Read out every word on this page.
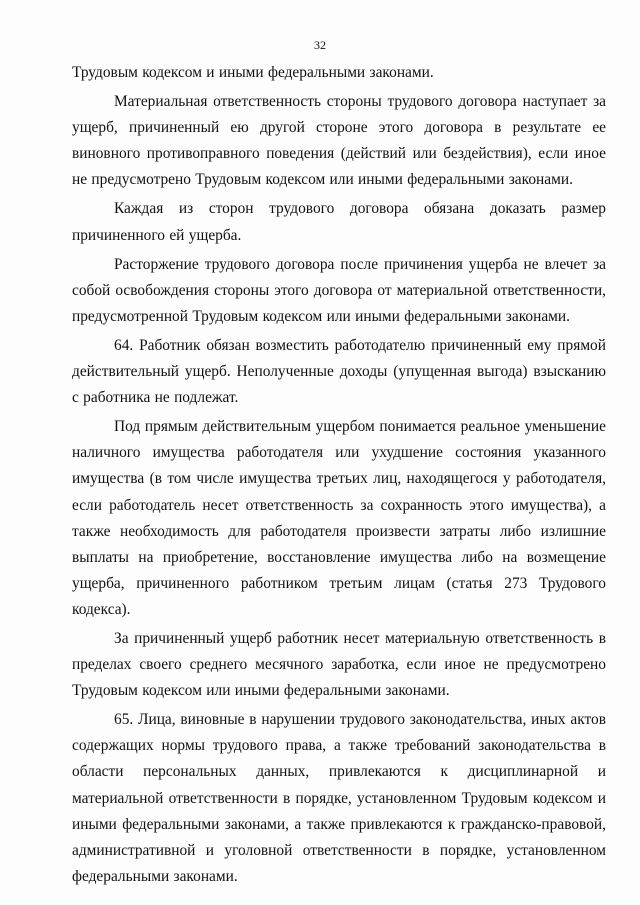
32

Трудовым кодексом и иными федеральными законами.

Материальная ответственность стороны трудового договора наступает за ущерб, причиненный ею другой стороне этого договора в результате ее виновного противоправного поведения (действий или бездействия), если иное не предусмотрено Трудовым кодексом или иными федеральными законами.

Каждая из сторон трудового договора обязана доказать размер причиненного ей ущерба.

Расторжение трудового договора после причинения ущерба не влечет за собой освобождения стороны этого договора от материальной ответственности, предусмотренной Трудовым кодексом или иными федеральными законами.

64. Работник обязан возместить работодателю причиненный ему прямой действительный ущерб. Неполученные доходы (упущенная выгода) взысканию с работника не подлежат.

Под прямым действительным ущербом понимается реальное уменьшение наличного имущества работодателя или ухудшение состояния указанного имущества (в том числе имущества третьих лиц, находящегося у работодателя, если работодатель несет ответственность за сохранность этого имущества), а также необходимость для работодателя произвести затраты либо излишние выплаты на приобретение, восстановление имущества либо на возмещение ущерба, причиненного работником третьим лицам (статья 273 Трудового кодекса).

За причиненный ущерб работник несет материальную ответственность в пределах своего среднего месячного заработка, если иное не предусмотрено Трудовым кодексом или иными федеральными законами.

65. Лица, виновные в нарушении трудового законодательства, иных актов содержащих нормы трудового права, а также требований законодательства в области персональных данных, привлекаются к дисциплинарной и материальной ответственности в порядке, установленном Трудовым кодексом и иными федеральными законами, а также привлекаются к гражданско-правовой, административной и уголовной ответственности в порядке, установленном федеральными законами.
